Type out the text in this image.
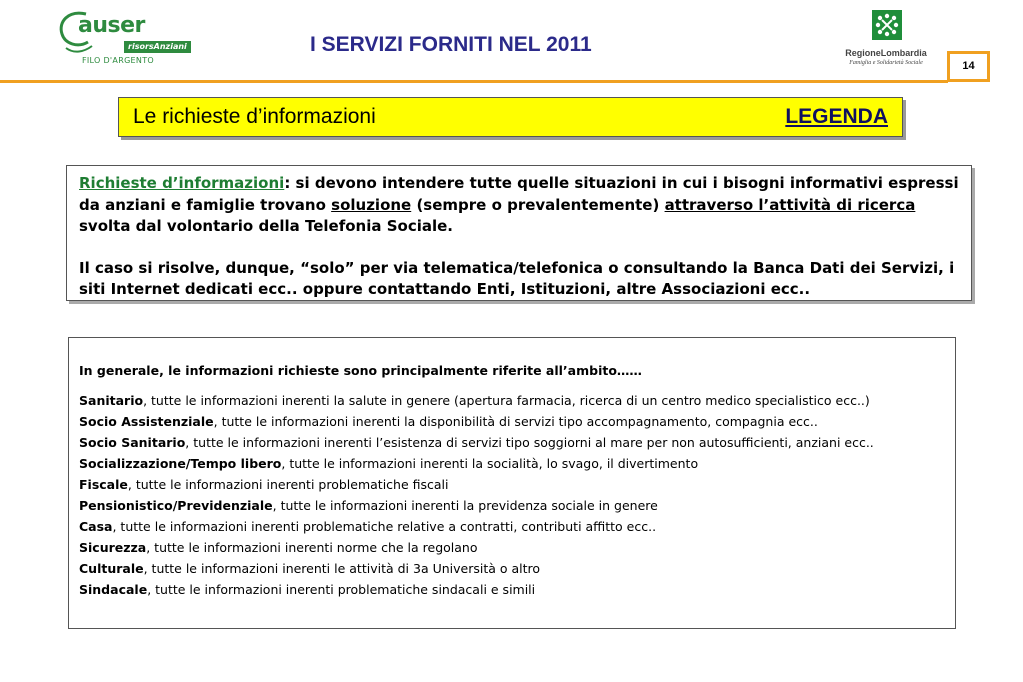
auser
risorsAnziani
FILO D'ARGENTO
I SERVIZI FORNITI NEL 2011	RegioneLombardia
Famiglia e Solidarietà Sociale	14
Le richieste d’informazioni	LEGENDA

Richieste d’informazioni: si devono intendere tutte quelle situazioni in cui i bisogni informativi espressi da anziani e famiglie trovano soluzione (sempre o prevalentemente) attraverso l’attività di ricerca svolta dal volontario della Telefonia Sociale.

Il caso si risolve, dunque, “solo” per via telematica/telefonica o consultando la Banca Dati dei Servizi, i siti Internet dedicati ecc.. oppure contattando Enti, Istituzioni, altre Associazioni ecc..

In generale, le informazioni richieste sono principalmente riferite all’ambito……
Sanitario, tutte le informazioni inerenti la salute in genere (apertura farmacia, ricerca di un centro medico specialistico ecc..)
Socio Assistenziale, tutte le informazioni inerenti la disponibilità di servizi tipo accompagnamento, compagnia ecc..
Socio Sanitario, tutte le informazioni inerenti l’esistenza di servizi tipo soggiorni al mare per non autosufficienti, anziani ecc..
Socializzazione/Tempo libero, tutte le informazioni inerenti la socialità, lo svago, il divertimento
Fiscale, tutte le informazioni inerenti problematiche fiscali
Pensionistico/Previdenziale, tutte le informazioni inerenti la previdenza sociale in genere
Casa, tutte le informazioni inerenti problematiche relative a contratti, contributi affitto ecc..
Sicurezza, tutte le informazioni inerenti norme che la regolano
Culturale, tutte le informazioni inerenti le attività di 3a Università o altro
Sindacale, tutte le informazioni inerenti problematiche sindacali e simili
